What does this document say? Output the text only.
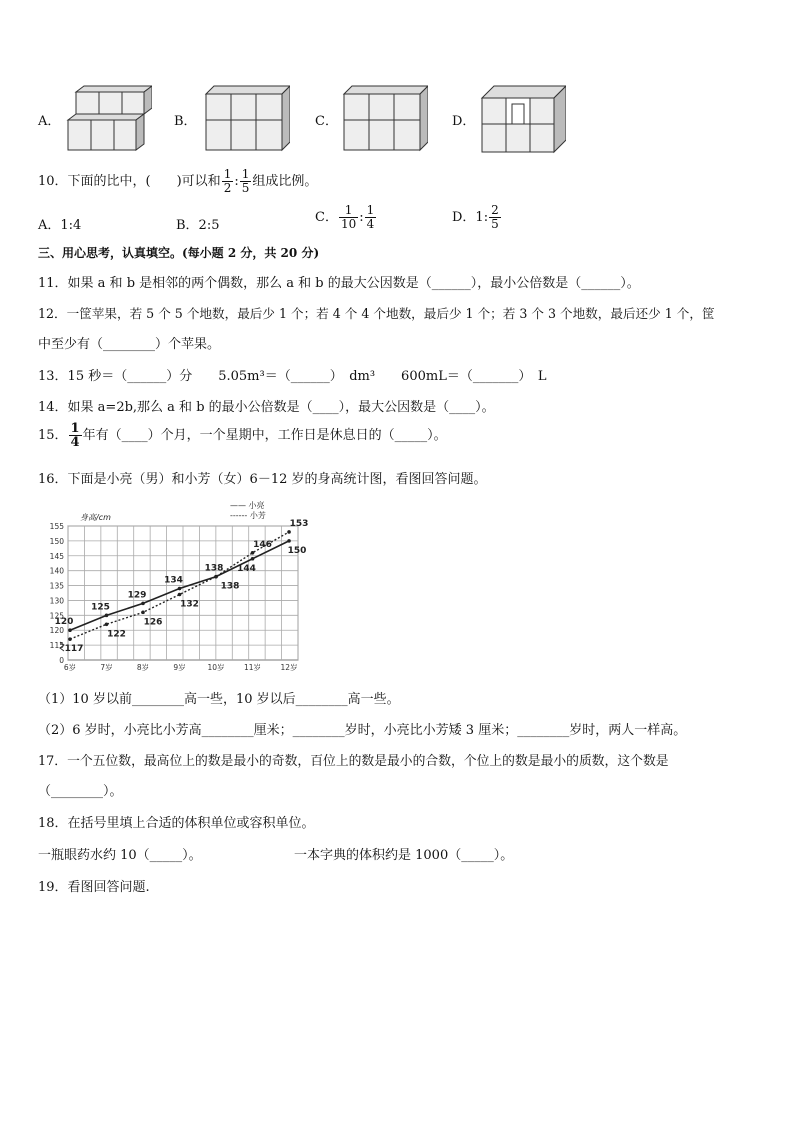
A．	B．	C．	D．
10．下面的比中，(　　)可以和 $\frac{1}{2}$ : $\frac{1}{5}$ 组成比例。
A．1:4	B．2:5
C． $\frac{1}{10}$ : $\frac{1}{4}$	D．1: $\frac{2}{5}$
三、用心思考，认真填空。(每小题 2 分，共 20 分)
11．如果 a 和 b 是相邻的两个偶数，那么 a 和 b 的最大公因数是（______），最小公倍数是（______）。
12．一筐苹果，若 5 个 5 个地数，最后少 1 个；若 4 个 4 个地数，最后少 1 个；若 3 个 3 个地数，最后还少 1 个，筐
中至少有（________）个苹果。
13．15 秒＝（______）分　　5.05m³＝（______）　dm³　　600mL＝（_______）　L
14．如果 a=2b,那么 a 和 b 的最小公倍数是（____），最大公因数是（____）。
15． $\frac{1}{4}$ 年有（____）个月，一个星期中，工作日是休息日的（_____）。
16．下面是小亮（男）和小芳（女）6－12 岁的身高统计图，看图回答问题。
0
115
120
125
130
135
140
145
150
155
身高/cm
6岁	7岁	8岁	9岁	10岁	11岁	12岁
—— 小亮
------ 小芳
120
125
129
134
138 144
150
117
122
126
132
138
146
153
（1）10 岁以前________高一些，10 岁以后________高一些。
（2）6 岁时，小亮比小芳高________厘米；________岁时，小亮比小芳矮 3 厘米；________岁时，两人一样高。
17．一个五位数，最高位上的数是最小的奇数，百位上的数是最小的合数，个位上的数是最小的质数，这个数是
（________）。
18．在括号里填上合适的体积单位或容积单位。
一瓶眼药水约 10（_____）。	一本字典的体积约是 1000（_____）。
19．看图回答问题.
